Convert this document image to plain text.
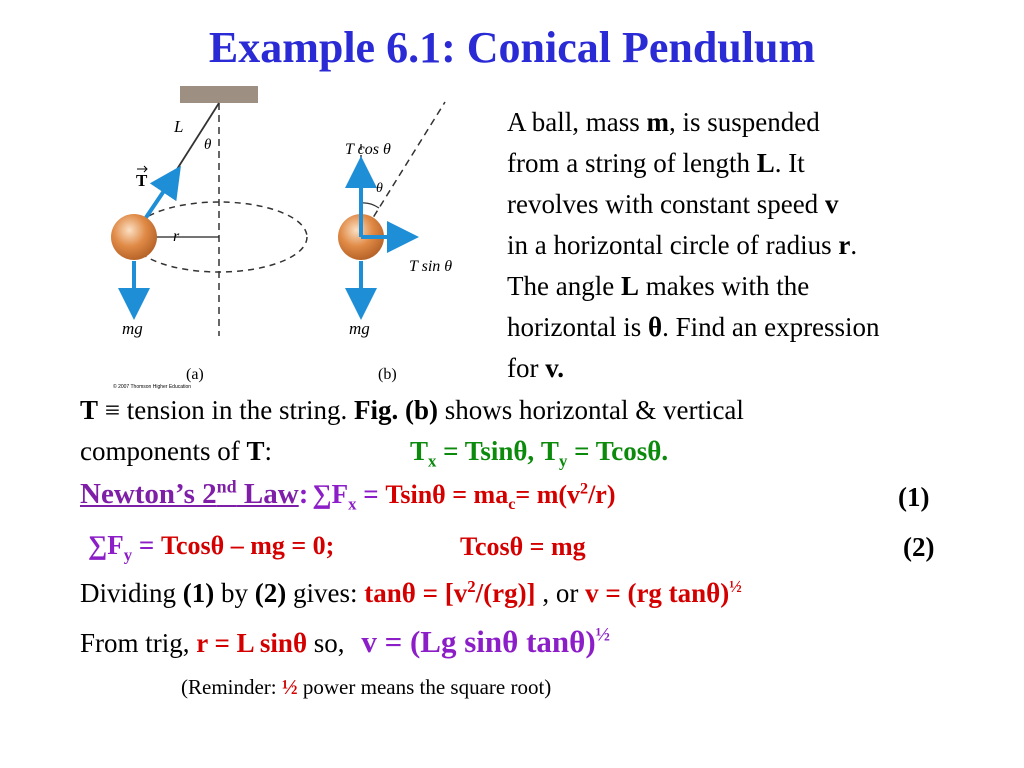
Example 6.1: Conical Pendulum
L
θ
T
r
mg
(a)
© 2007 Thomson Higher Education
T cos θ
θ
T sin θ
mg
(b)
A ball, mass m, is suspended
from a string of length L. It
revolves with constant speed v
in a horizontal circle of radius r.
The angle L makes with the
horizontal is θ. Find an expression
for v.
T ≡ tension in the string. Fig. (b) shows horizontal & vertical
components of T:	$T_x = Tsin\theta$, $T_y = Tcos\theta$.
Newton’s 2nd Law: $\sum F_x = Tsin\theta = ma_c= m(v^2/r)$	(1)
$\sum F_y = Tcos\theta$ – mg = 0;	Tcosθ = mg	(2)
Dividing (1) by (2) gives: $\tan\theta = [v^2/(rg)]$ , or v = (rg tanθ)$^{\frac{1}{2}}$
From trig, r = L sinθ so, v = (Lg sinθ tanθ)$^{\frac{1}{2}}$
(Reminder: ½ power means the square root)
